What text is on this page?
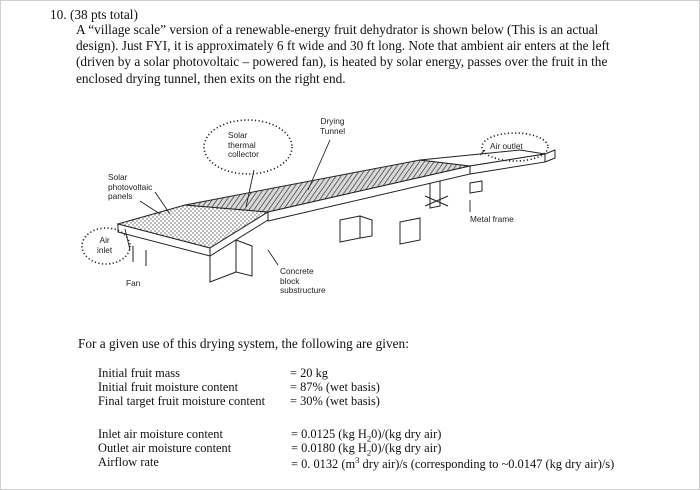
10. (38 pts total)
A “village scale” version of a renewable-energy fruit dehydrator is shown below (This is an actual design). Just FYI, it is approximately 6 ft wide and 30 ft long. Note that ambient air enters at the left (driven by a solar photovoltaic – powered fan), is heated by solar energy, passes over the fruit in the enclosed drying tunnel, then exits on the right end.
Solar
thermal
collector
Drying
Tunnel
Air outlet
Solar
photovoltaic
panels
Metal frame
Air
inlet
Fan
Concrete
block
substructure
For a given use of this drying system, the following are given:
Initial fruit mass	= 20 kg
Initial fruit moisture content	= 87% (wet basis)
Final target fruit moisture content = 30% (wet basis)
Inlet air moisture content	= 0.0125 (kg $H_20)/(kg$ dry air)
Outlet air moisture content	= 0.0180 (kg $H_20)/(kg$ dry air)
Airflow rate	= 0. 0132 ($m^3$ dry air)/s (corresponding to ~0.0147 (kg dry air)/s)
